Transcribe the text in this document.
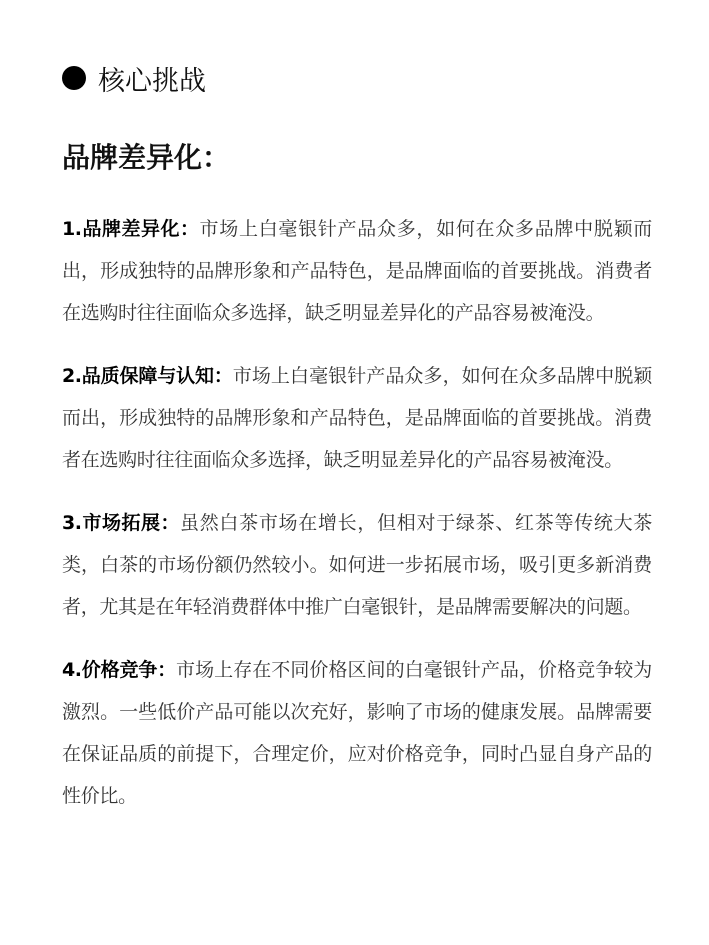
核心挑战
品牌差异化：

1.品牌差异化：市场上白毫银针产品众多，如何在众多品牌中脱颖而出，形成独特的品牌形象和产品特色，是品牌面临的首要挑战。消费者在选购时往往面临众多选择，缺乏明显差异化的产品容易被淹没。

2.品质保障与认知：市场上白毫银针产品众多，如何在众多品牌中脱颖而出，形成独特的品牌形象和产品特色，是品牌面临的首要挑战。消费者在选购时往往面临众多选择，缺乏明显差异化的产品容易被淹没。

3.市场拓展：虽然白茶市场在增长，但相对于绿茶、红茶等传统大茶类，白茶的市场份额仍然较小。如何进一步拓展市场，吸引更多新消费者，尤其是在年轻消费群体中推广白毫银针，是品牌需要解决的问题。

4.价格竞争：市场上存在不同价格区间的白毫银针产品，价格竞争较为激烈。一些低价产品可能以次充好，影响了市场的健康发展。品牌需要在保证品质的前提下，合理定价，应对价格竞争，同时凸显自身产品的性价比。
